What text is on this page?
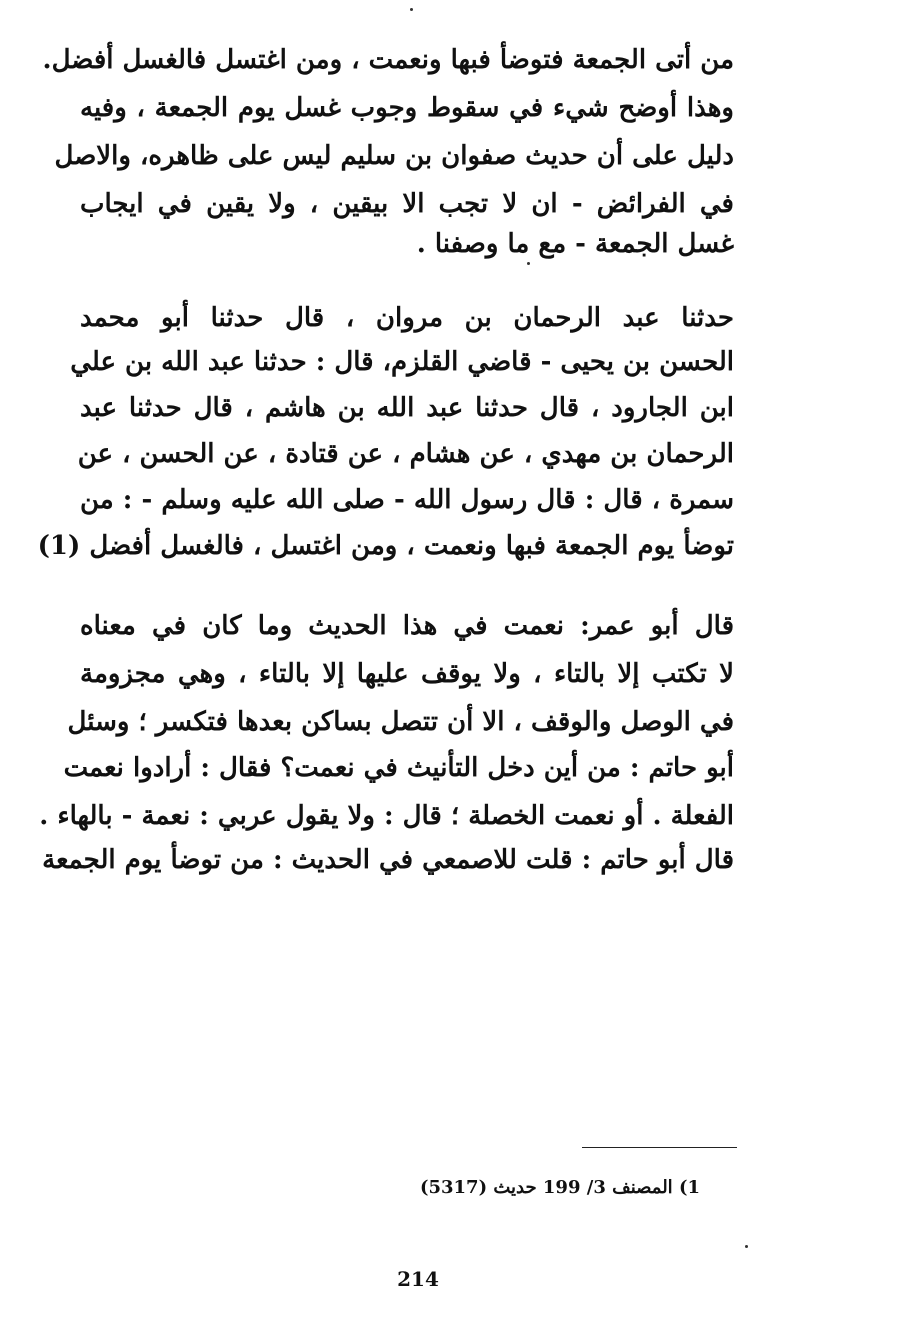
من أتى الجمعة فتوضأ فبها ونعمت ، ومن اغتسل فالغسل أفضل.
وهذا أوضح شيء في سقوط وجوب غسل يوم الجمعة ، وفيه
دليل على أن حديث صفوان بن سليم ليس على ظاهره، والاصل
في الفرائض - ان لا تجب الا بيقين ، ولا يقين في ايجاب
غسل الجمعة - مع ما وصفنا .
حدثنا عبد الرحمان بن مروان ، قال حدثنا أبو محمد
الحسن بن يحيى - قاضي القلزم، قال : حدثنا عبد الله بن علي
ابن الجارود ، قال حدثنا عبد الله بن هاشم ، قال حدثنا عبد
الرحمان بن مهدي ، عن هشام ، عن قتادة ، عن الحسن ، عن
سمرة ، قال : قال رسول الله - صلى الله عليه وسلم - : من
توضأ يوم الجمعة فبها ونعمت ، ومن اغتسل ، فالغسل أفضل (1)
قال أبو عمر: نعمت في هذا الحديث وما كان في معناه
لا تكتب إلا بالتاء ، ولا يوقف عليها إلا بالتاء ، وهي مجزومة
في الوصل والوقف ، الا أن تتصل بساكن بعدها فتكسر ؛ وسئل
أبو حاتم : من أين دخل التأنيث في نعمت؟ فقال : أرادوا نعمت
الفعلة . أو نعمت الخصلة ؛ قال : ولا يقول عربي : نعمة - بالهاء .
قال أبو حاتم : قلت للاصمعي في الحديث : من توضأ يوم الجمعة
1) المصنف 3/ 199 حديث (5317)
214
